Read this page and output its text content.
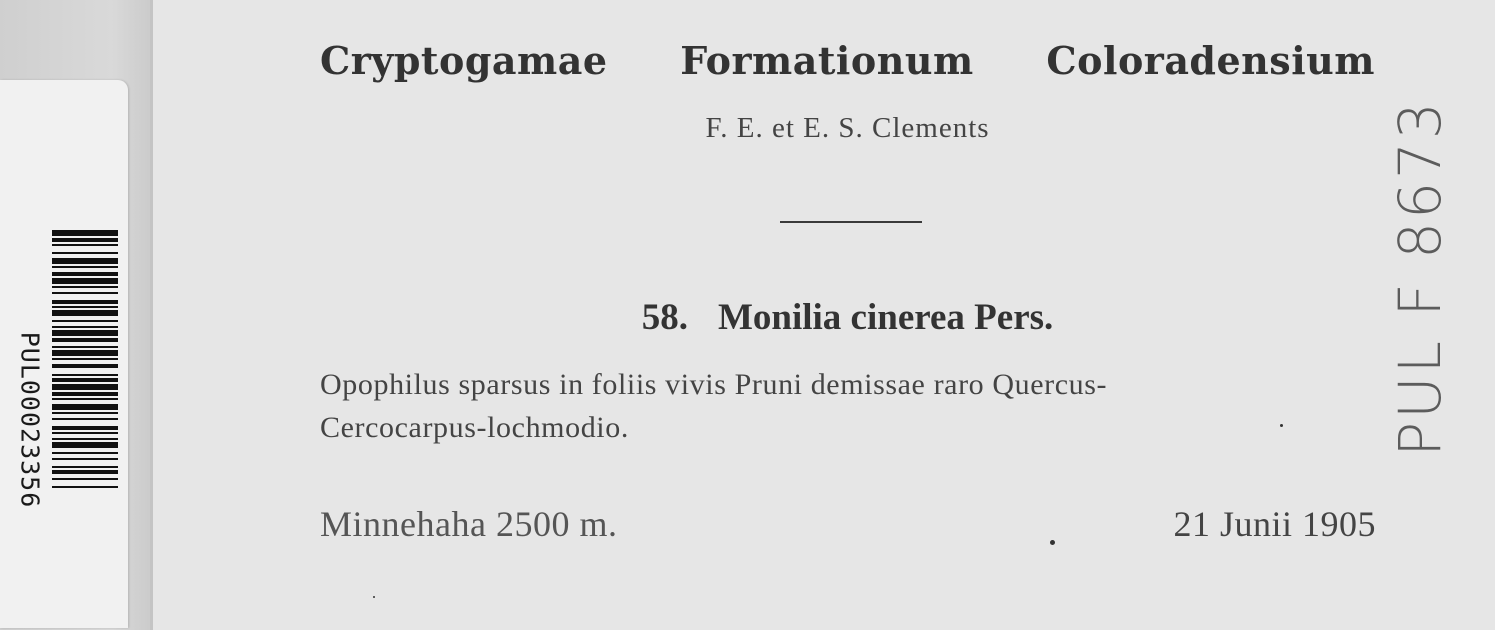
PUL00023356
Cryptogamae Formationum Coloradensium

F. E. et E. S. Clements

58. Monilia cinerea Pers.

Opophilus sparsus in foliis vivis Pruni demissae raro Quercus-
Cercocarpus-lochmodio.

Minnehaha 2500 m.	21 Junii 1905
PUL F 8673
